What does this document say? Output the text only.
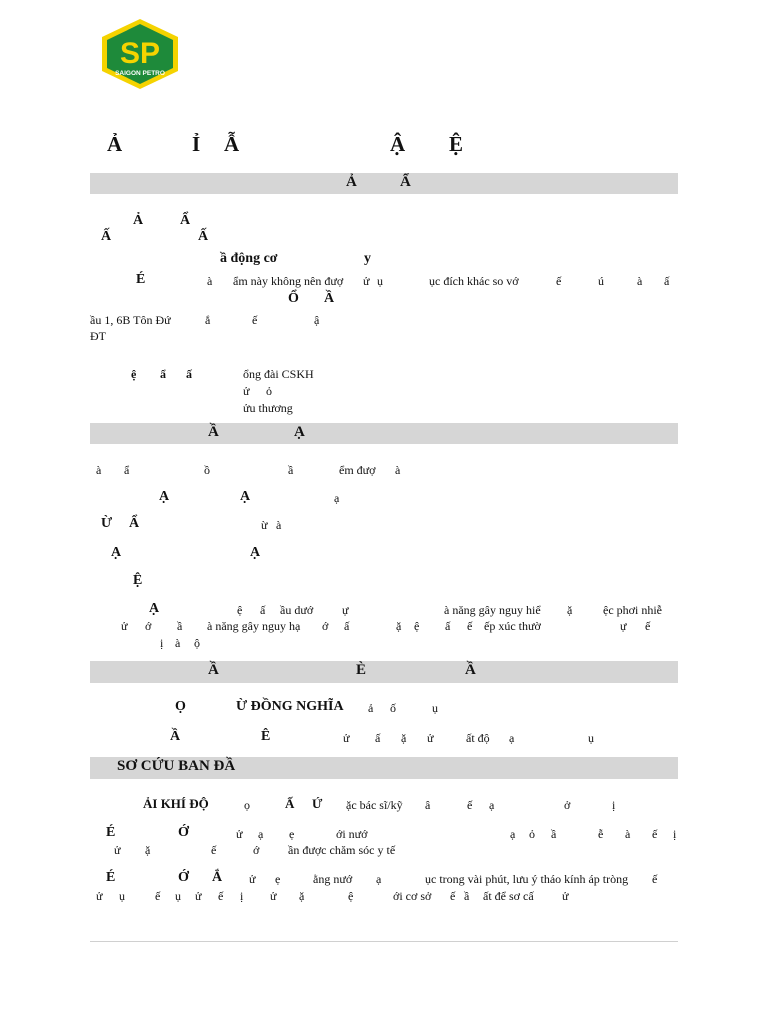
SP
SAIGON PETRO
Ả	Ỉ Ẫ	Ậ Ệ
Ả	Ẩ
Ả	Ẩ
Ấ	Ấ
ầ động cơ	y
É	à ẩm này không nên đượ ử ụ	ục đích khác so vớ	ế	ú	à ấ
Ổ Ầ
ầu 1, 6B Tôn Đứ	ắ	ế	ậ
ĐT
ệ ẩ ấ	ổng đài CSKH
ử ỏ
ửu thương
Ầ	Ạ
à ẩ	ồ	ầ	ểm đượ à
Ạ	Ạ	ạ
Ừ Ẩ	ừ à
Ạ	Ạ
Ệ
Ạ	ệ ấ ầu dướ ự	à năng gây nguy hiể ặ	ệc phơi nhiễ
ử ớ ầ à năng gây nguy hạ ớ ấ	ặ ệ ấ ế ếp xúc thườ	ự ế
ị à ộ
Ầ	È	Ầ
Ọ	Ừ ĐỒNG NGHĨA ả ố	ụ
Ầ	Ê	ử ấ ặ ử	ất độ ạ	ụ
SƠ CỨU BAN ĐẦ
ẢI KHÍ ĐỘ	ọ	Ấ Ứ ặc bác sĩ/kỹ â	ế ạ	ở	ị
É	Ớ	ử ạ ẹ	ới nướ	ạ ỏ ầ	ễ à ế ị
ử ặ	ế	ớ ần được chăm sóc y tế
É	Ớ Ắ ử ẹ	ằng nướ ạ	ục trong vài phút, lưu ý tháo kính áp tròng ế
ử ụ	ế ụ ử ế ị ử ặ	ệ	ới cơ sở ế ầ ất để sơ cấ ử
